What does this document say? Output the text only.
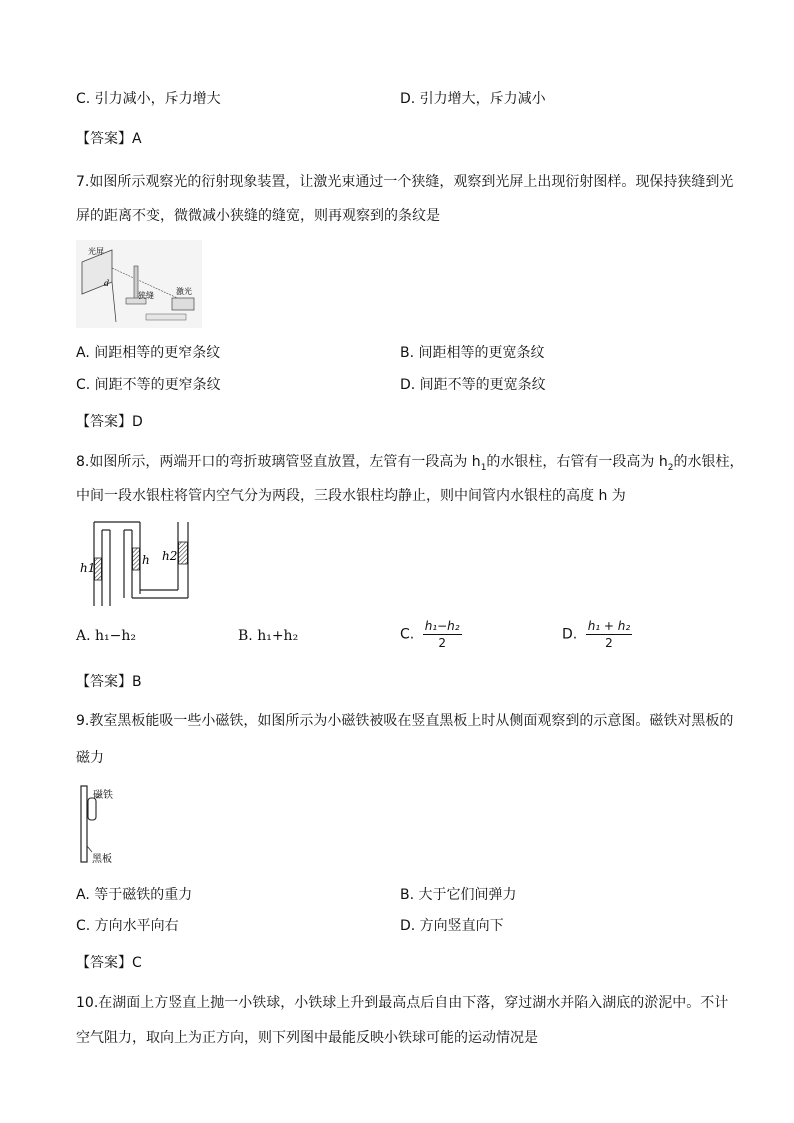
C. 引力减小，斥力增大	D. 引力增大，斥力减小
【答案】A
7.如图所示观察光的衍射现象装置，让激光束通过一个狭缝，观察到光屏上出现衍射图样。现保持狭缝到光
屏的距离不变，微微减小狭缝的缝宽，则再观察到的条纹是
光屏
d
狭缝	激光
A. 间距相等的更窄条纹	B. 间距相等的更宽条纹
C. 间距不等的更窄条纹	D. 间距不等的更宽条纹
【答案】D
8.如图所示，两端开口的弯折玻璃管竖直放置，左管有一段高为 $h_1$的水银柱，右管有一段高为 $h_2$的水银柱，
中间一段水银柱将管内空气分为两段，三段水银柱均静止，则中间管内水银柱的高度 h 为
h1
h h2
A. h₁−h₂	B. h₁+h₂	C. $\frac{\text{h₁−h₂}}{2}$	D. $\frac{\text{h₁ + h₂}}{2}$
【答案】B
9.教室黑板能吸一些小磁铁，如图所示为小磁铁被吸在竖直黑板上时从侧面观察到的示意图。磁铁对黑板的
磁力
磁铁
黑板
A. 等于磁铁的重力	B. 大于它们间弹力
C. 方向水平向右	D. 方向竖直向下
【答案】C
10.在湖面上方竖直上抛一小铁球，小铁球上升到最高点后自由下落，穿过湖水并陷入湖底的淤泥中。不计
空气阻力，取向上为正方向，则下列图中最能反映小铁球可能的运动情况是
